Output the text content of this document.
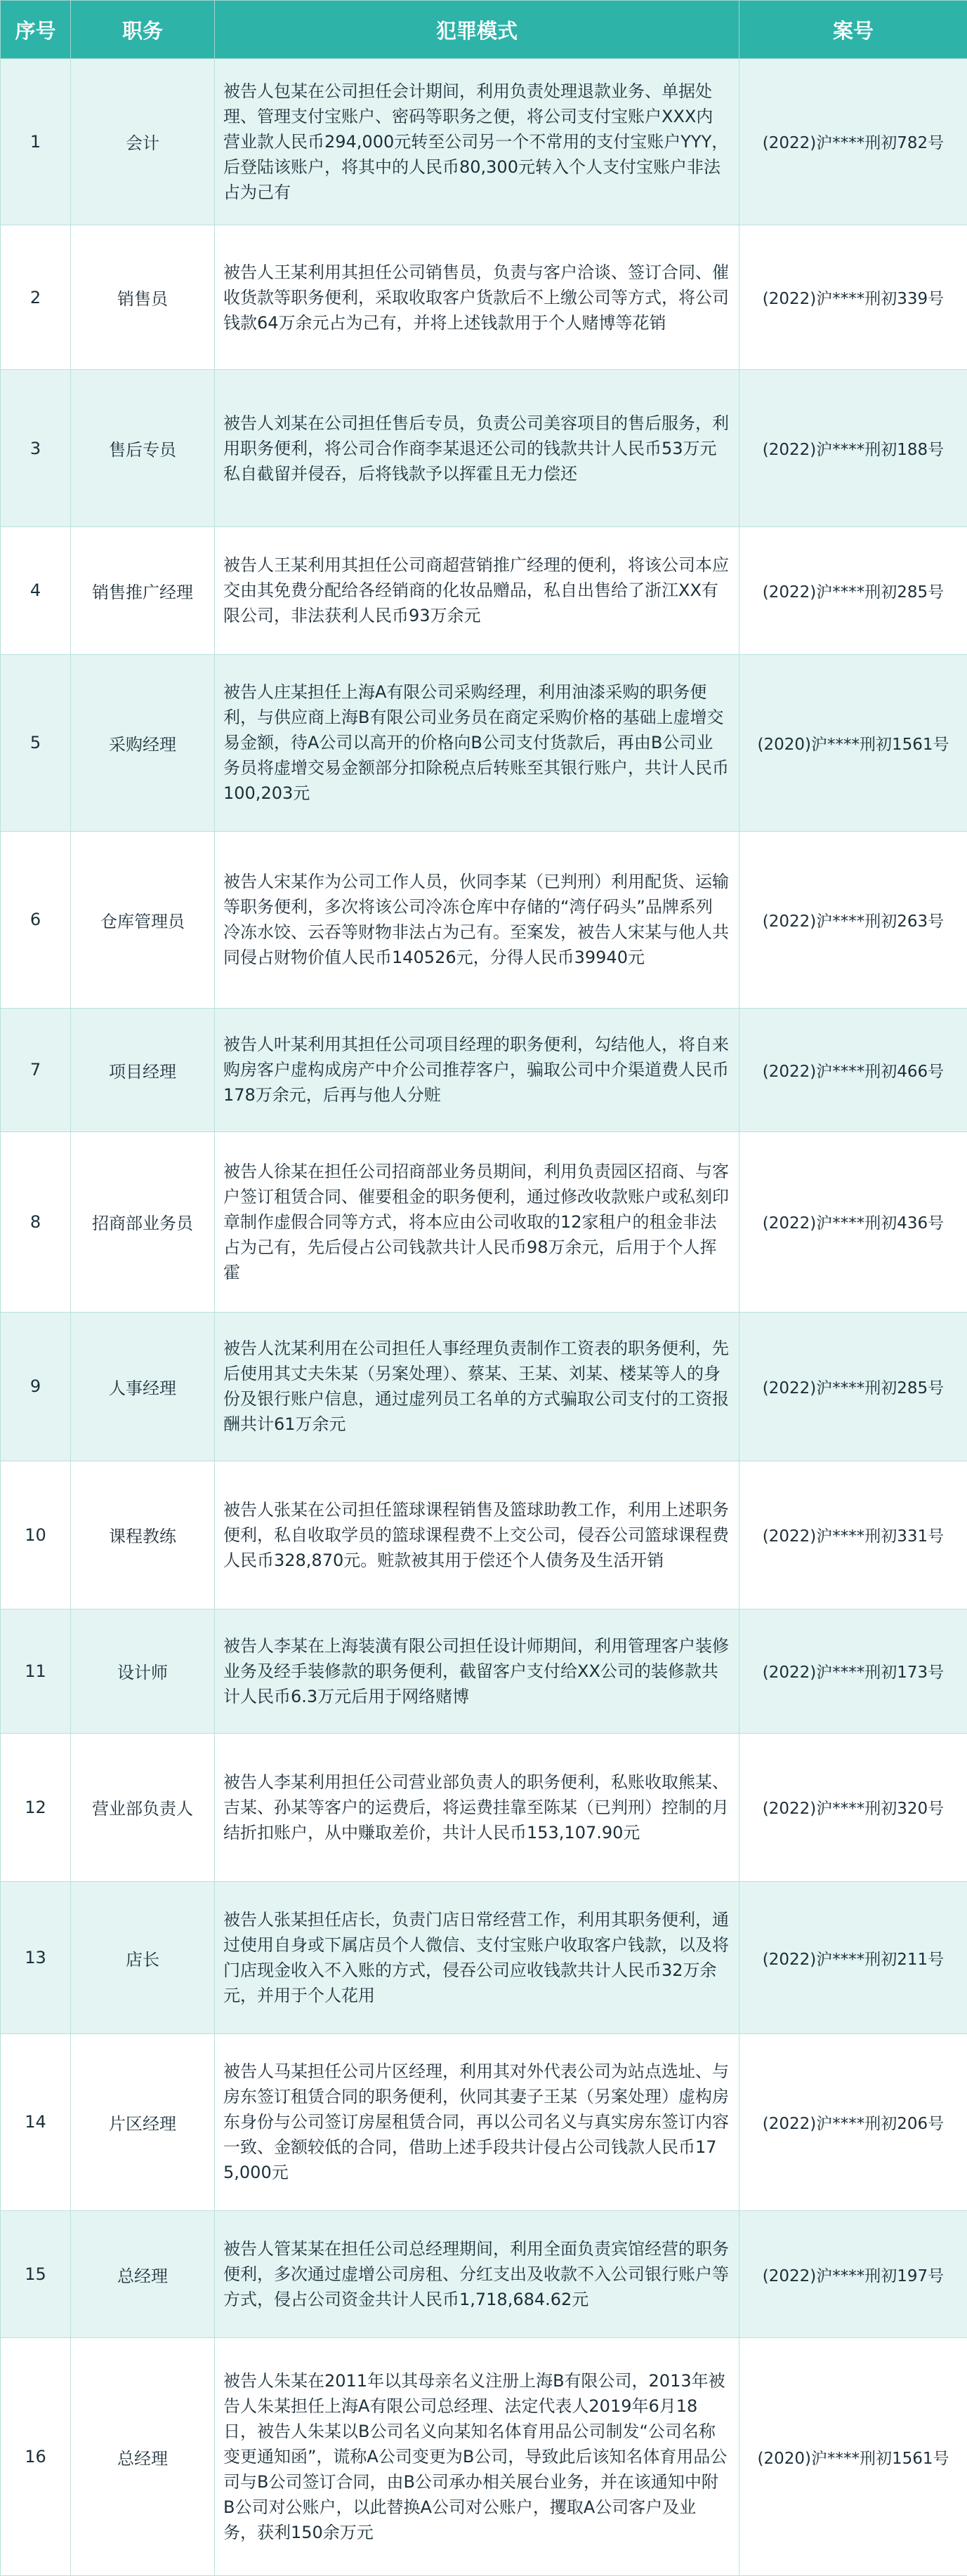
序号	职务	犯罪模式	案号
1	会计	被告人包某在公司担任会计期间，利用负责处理退款业务、单据处理、管理支付宝账户、密码等职务之便，将公司支付宝账户XXX内营业款人民币294,000元转至公司另一个不常用的支付宝账户YYY，后登陆该账户，将其中的人民币80,300元转入个人支付宝账户非法占为己有	(2022)沪****刑初782号
2	销售员	被告人王某利用其担任公司销售员，负责与客户洽谈、签订合同、催收货款等职务便利，采取收取客户货款后不上缴公司等方式，将公司钱款64万余元占为己有，并将上述钱款用于个人赌博等花销	(2022)沪****刑初339号
3	售后专员	被告人刘某在公司担任售后专员，负责公司美容项目的售后服务，利用职务便利，将公司合作商李某退还公司的钱款共计人民币53万元私自截留并侵吞，后将钱款予以挥霍且无力偿还	(2022)沪****刑初188号
4	销售推广经理	被告人王某利用其担任公司商超营销推广经理的便利，将该公司本应交由其免费分配给各经销商的化妆品赠品，私自出售给了浙江XX有限公司，非法获利人民币93万余元	(2022)沪****刑初285号
5	采购经理	被告人庄某担任上海A有限公司采购经理，利用油漆采购的职务便利，与供应商上海B有限公司业务员在商定采购价格的基础上虚增交易金额，待A公司以高开的价格向B公司支付货款后，再由B公司业务员将虚增交易金额部分扣除税点后转账至其银行账户，共计人民币100,203元	(2020)沪****刑初1561号
6	仓库管理员	被告人宋某作为公司工作人员，伙同李某（已判刑）利用配货、运输等职务便利，多次将该公司冷冻仓库中存储的“湾仔码头”品牌系列冷冻水饺、云吞等财物非法占为己有。至案发，被告人宋某与他人共同侵占财物价值人民币140526元，分得人民币39940元	(2022)沪****刑初263号
7	项目经理	被告人叶某利用其担任公司项目经理的职务便利，勾结他人，将自来购房客户虚构成房产中介公司推荐客户，骗取公司中介渠道费人民币178万余元，后再与他人分赃	(2022)沪****刑初466号
8	招商部业务员	被告人徐某在担任公司招商部业务员期间，利用负责园区招商、与客户签订租赁合同、催要租金的职务便利，通过修改收款账户或私刻印章制作虚假合同等方式，将本应由公司收取的12家租户的租金非法占为己有，先后侵占公司钱款共计人民币98万余元，后用于个人挥霍	(2022)沪****刑初436号
9	人事经理	被告人沈某利用在公司担任人事经理负责制作工资表的职务便利，先后使用其丈夫朱某（另案处理）、蔡某、王某、刘某、楼某等人的身份及银行账户信息，通过虚列员工名单的方式骗取公司支付的工资报酬共计61万余元	(2022)沪****刑初285号
10	课程教练	被告人张某在公司担任篮球课程销售及篮球助教工作，利用上述职务便利，私自收取学员的篮球课程费不上交公司，侵吞公司篮球课程费人民币328,870元。赃款被其用于偿还个人债务及生活开销	(2022)沪****刑初331号
11	设计师	被告人李某在上海装潢有限公司担任设计师期间，利用管理客户装修业务及经手装修款的职务便利，截留客户支付给XX公司的装修款共计人民币6.3万元后用于网络赌博	(2022)沪****刑初173号
12	营业部负责人	被告人李某利用担任公司营业部负责人的职务便利，私账收取熊某、吉某、孙某等客户的运费后，将运费挂靠至陈某（已判刑）控制的月结折扣账户，从中赚取差价，共计人民币153,107.90元	(2022)沪****刑初320号
13	店长	被告人张某担任店长，负责门店日常经营工作，利用其职务便利，通过使用自身或下属店员个人微信、支付宝账户收取客户钱款，以及将门店现金收入不入账的方式，侵吞公司应收钱款共计人民币32万余元，并用于个人花用	(2022)沪****刑初211号
14	片区经理	被告人马某担任公司片区经理，利用其对外代表公司为站点选址、与房东签订租赁合同的职务便利，伙同其妻子王某（另案处理）虚构房东身份与公司签订房屋租赁合同，再以公司名义与真实房东签订内容一致、金额较低的合同，借助上述手段共计侵占公司钱款人民币175,000元	(2022)沪****刑初206号
15	总经理	被告人管某某在担任公司总经理期间，利用全面负责宾馆经营的职务便利，多次通过虚增公司房租、分红支出及收款不入公司银行账户等方式，侵占公司资金共计人民币1,718,684.62元	(2022)沪****刑初197号
16	总经理	被告人朱某在2011年以其母亲名义注册上海B有限公司，2013年被告人朱某担任上海A有限公司总经理、法定代表人2019年6月18日，被告人朱某以B公司名义向某知名体育用品公司制发“公司名称变更通知函”，谎称A公司变更为B公司，导致此后该知名体育用品公司与B公司签订合同，由B公司承办相关展台业务，并在该通知中附B公司对公账户，以此替换A公司对公账户，攫取A公司客户及业务，获利150余万元	(2020)沪****刑初1561号
